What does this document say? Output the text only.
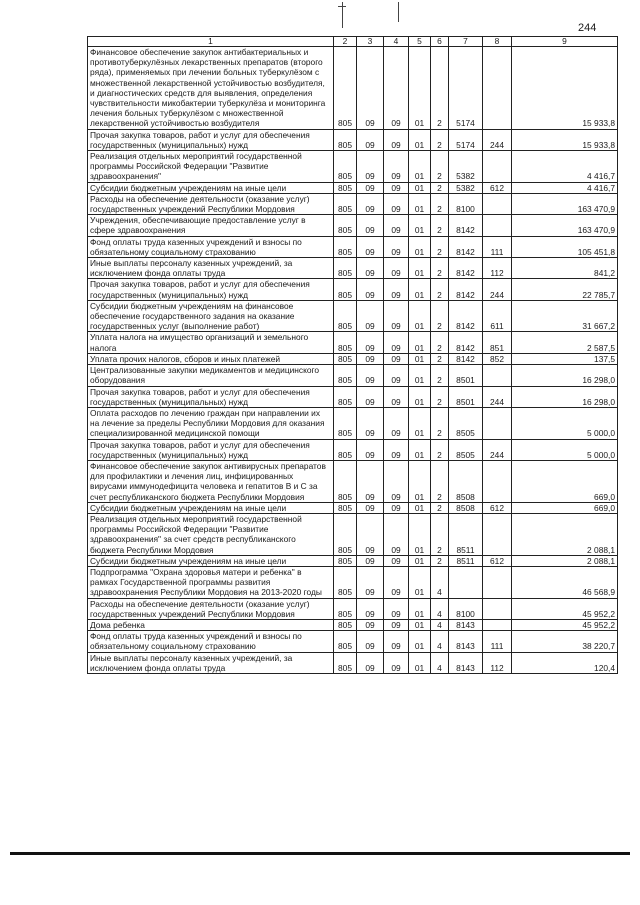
244
1	2	3	4	5	6	7	8	9
Финансовое обеспечение закупок антибактериальных и противотуберкулёзных лекарственных препаратов (второго ряда), применяемых при лечении больных туберкулёзом с множественной лекарственной устойчивостью возбудителя, и диагностических средств для выявления, определения чувствительности микобактерии туберкулёза и мониторинга лечения больных туберкулёзом с множественной лекарственной устойчивостью возбудителя	805	09	09	01	2	5174		15 933,8
Прочая закупка товаров, работ и услуг для обеспечения государственных (муниципальных) нужд	805	09	09	01	2	5174	244	15 933,8
Реализация отдельных мероприятий государственной программы Российской Федерации "Развитие здравоохранения"	805	09	09	01	2	5382		4 416,7
Субсидии бюджетным учреждениям на иные цели	805	09	09	01	2	5382	612	4 416,7
Расходы на обеспечение деятельности (оказание услуг) государственных учреждений Республики Мордовия	805	09	09	01	2	8100		163 470,9
Учреждения, обеспечивающие предоставление услуг в сфере здравоохранения	805	09	09	01	2	8142		163 470,9
Фонд оплаты труда казенных учреждений и взносы по обязательному социальному страхованию	805	09	09	01	2	8142	111	105 451,8
Иные выплаты персоналу казенных учреждений, за исключением фонда оплаты труда	805	09	09	01	2	8142	112	841,2
Прочая закупка товаров, работ и услуг для обеспечения государственных (муниципальных) нужд	805	09	09	01	2	8142	244	22 785,7
Субсидии бюджетным учреждениям на финансовое обеспечение государственного задания на оказание государственных услуг (выполнение работ)	805	09	09	01	2	8142	611	31 667,2
Уплата налога на имущество организаций и земельного налога	805	09	09	01	2	8142	851	2 587,5
Уплата прочих налогов, сборов и иных платежей	805	09	09	01	2	8142	852	137,5
Централизованные закупки медикаментов и медицинского оборудования	805	09	09	01	2	8501		16 298,0
Прочая закупка товаров, работ и услуг для обеспечения государственных (муниципальных) нужд	805	09	09	01	2	8501	244	16 298,0
Оплата расходов по лечению граждан при направлении их на лечение за пределы Республики Мордовия для оказания специализированной медицинской помощи	805	09	09	01	2	8505		5 000,0
Прочая закупка товаров, работ и услуг для обеспечения государственных (муниципальных) нужд	805	09	09	01	2	8505	244	5 000,0
Финансовое обеспечение закупок антивирусных препаратов для профилактики и лечения лиц, инфицированных вирусами иммунодефицита человека и гепатитов В и С за счет республиканского бюджета Республики Мордовия	805	09	09	01	2	8508		669,0
Субсидии бюджетным учреждениям на иные цели	805	09	09	01	2	8508	612	669,0
Реализация отдельных мероприятий государственной программы Российской Федерации "Развитие здравоохранения" за счет средств республиканского бюджета Республики Мордовия	805	09	09	01	2	8511		2 088,1
Субсидии бюджетным учреждениям на иные цели	805	09	09	01	2	8511	612	2 088,1
Подпрограмма "Охрана здоровья матери и ребенка" в рамках Государственной программы развития здравоохранения Республики Мордовия на 2013-2020 годы	805	09	09	01	4			46 568,9
Расходы на обеспечение деятельности (оказание услуг) государственных учреждений Республики Мордовия	805	09	09	01	4	8100		45 952,2
Дома ребенка	805	09	09	01	4	8143		45 952,2
Фонд оплаты труда казенных учреждений и взносы по обязательному социальному страхованию	805	09	09	01	4	8143	111	38 220,7
Иные выплаты персоналу казенных учреждений, за исключением фонда оплаты труда	805	09	09	01	4	8143	112	120,4
